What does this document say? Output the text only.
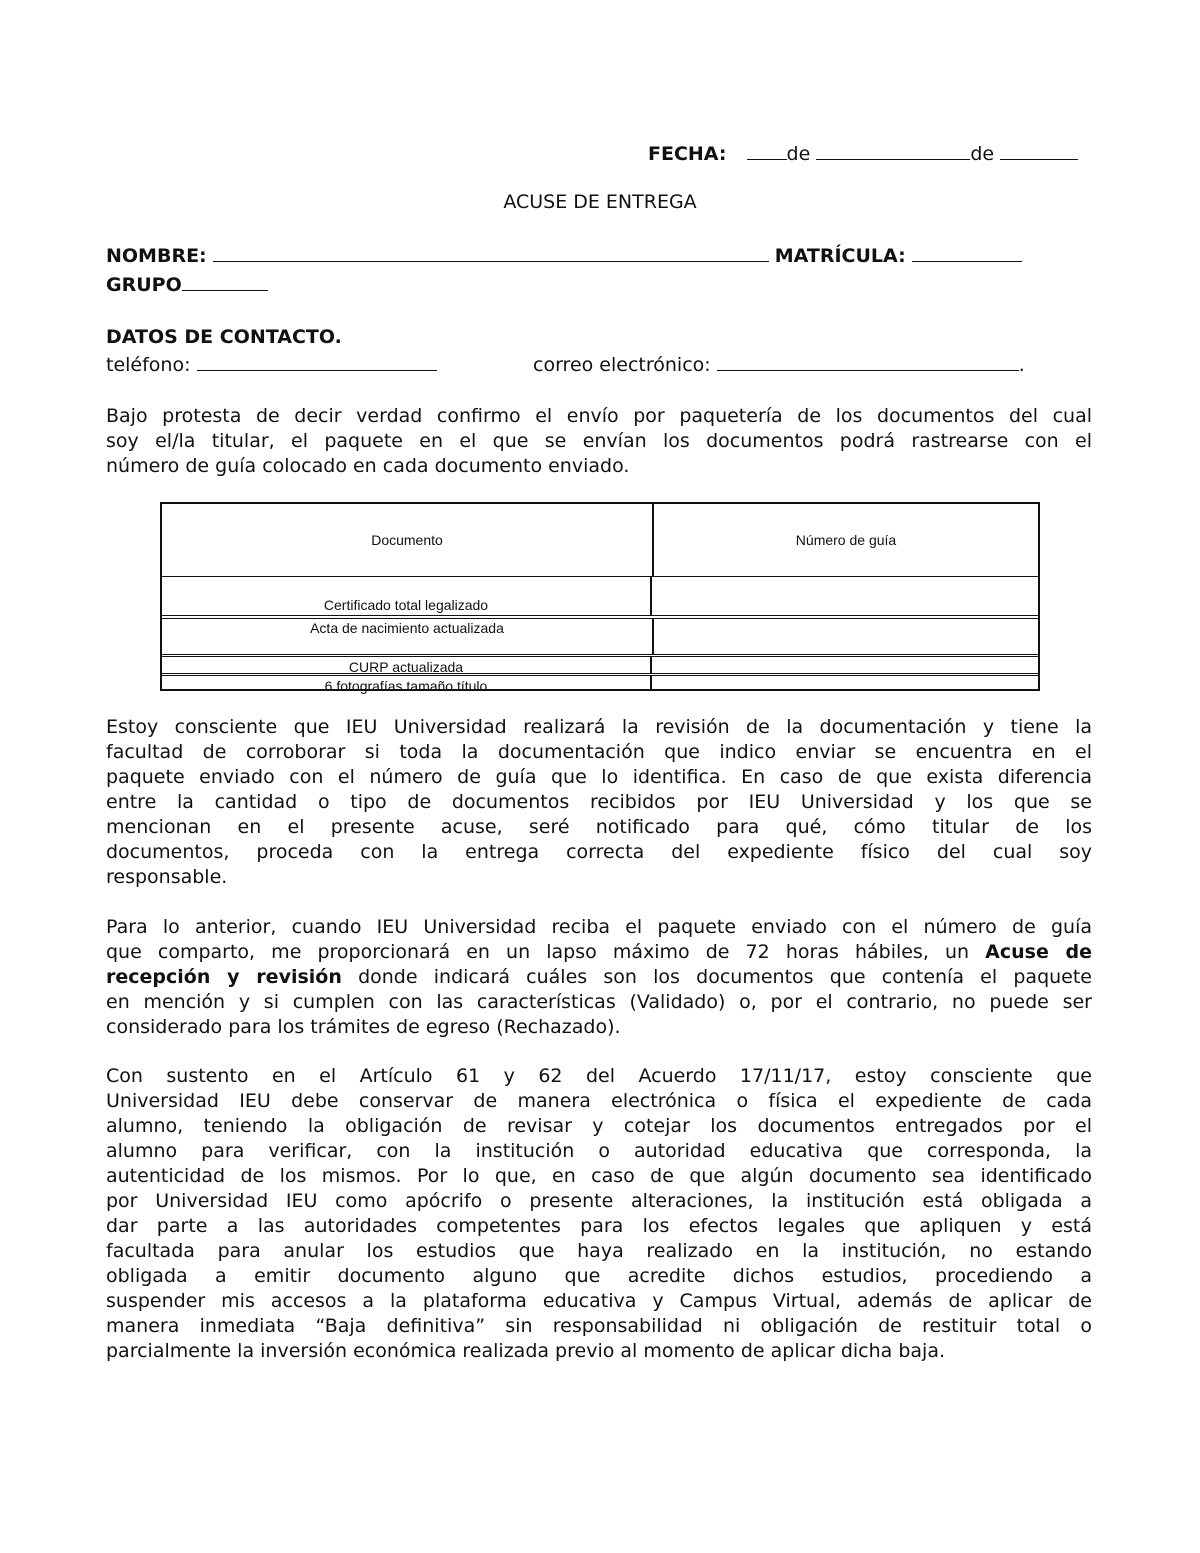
FECHA:	de	de
ACUSE DE ENTREGA
NOMBRE:	MATRÍCULA:
GRUPO
DATOS DE CONTACTO.
teléfono:	correo electrónico:	.
Bajo protesta de decir verdad confirmo el envío por paquetería de los documentos del cual
soy el/la titular, el paquete en el que se envían los documentos podrá rastrearse con el
número de guía colocado en cada documento enviado.
Documento	Número de guía
Certificado total legalizado
Acta de nacimiento actualizada
CURP actualizada
6 fotografías tamaño título
Estoy consciente que IEU Universidad realizará la revisión de la documentación y tiene la
facultad de corroborar si toda la documentación que indico enviar se encuentra en el
paquete enviado con el número de guía que lo identifica. En caso de que exista diferencia
entre la cantidad o tipo de documentos recibidos por IEU Universidad y los que se
mencionan en el presente acuse, seré notificado para qué, cómo titular de los
documentos, proceda con la entrega correcta del expediente físico del cual soy
responsable.
Para lo anterior, cuando IEU Universidad reciba el paquete enviado con el número de guía
que comparto, me proporcionará en un lapso máximo de 72 horas hábiles, un Acuse de
recepción y revisión donde indicará cuáles son los documentos que contenía el paquete
en mención y si cumplen con las características (Validado) o, por el contrario, no puede ser
considerado para los trámites de egreso (Rechazado).
Con sustento en el Artículo 61 y 62 del Acuerdo 17/11/17, estoy consciente que
Universidad IEU debe conservar de manera electrónica o física el expediente de cada
alumno, teniendo la obligación de revisar y cotejar los documentos entregados por el
alumno para verificar, con la institución o autoridad educativa que corresponda, la
autenticidad de los mismos. Por lo que, en caso de que algún documento sea identificado
por Universidad IEU como apócrifo o presente alteraciones, la institución está obligada a
dar parte a las autoridades competentes para los efectos legales que apliquen y está
facultada para anular los estudios que haya realizado en la institución, no estando
obligada a emitir documento alguno que acredite dichos estudios, procediendo a
suspender mis accesos a la plataforma educativa y Campus Virtual, además de aplicar de
manera inmediata “Baja definitiva” sin responsabilidad ni obligación de restituir total o
parcialmente la inversión económica realizada previo al momento de aplicar dicha baja.
